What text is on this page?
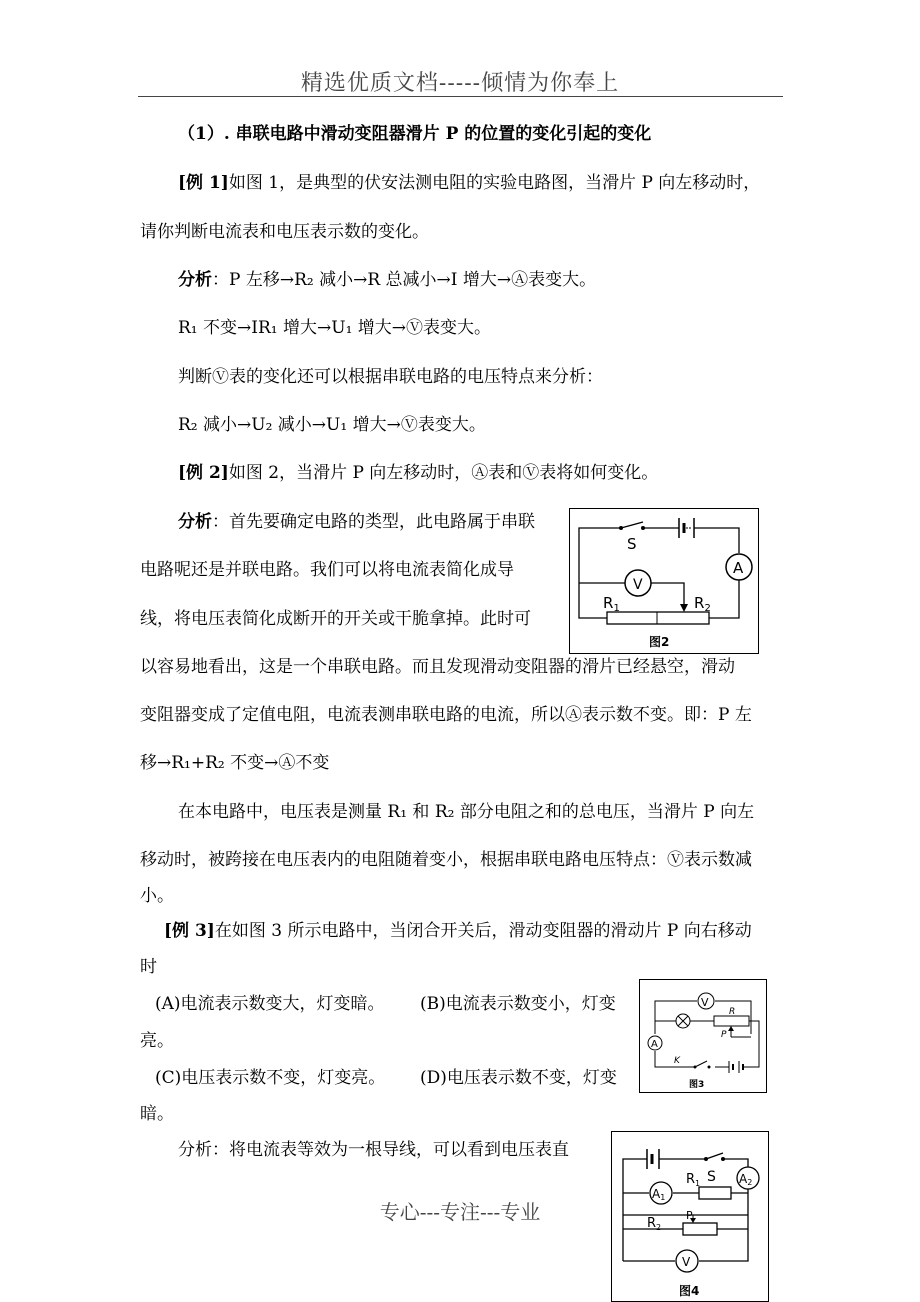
精选优质文档-----倾情为你奉上
（1）. 串联电路中滑动变阻器滑片 P 的位置的变化引起的变化
[例 1]如图 1，是典型的伏安法测电阻的实验电路图，当滑片 P 向左移动时，
请你判断电流表和电压表示数的变化。
分析：P 左移→R₂ 减小→R 总减小→I 增大→Ⓐ表变大。
R₁ 不变→IR₁ 增大→U₁ 增大→Ⓥ表变大。
判断Ⓥ表的变化还可以根据串联电路的电压特点来分析：
R₂ 减小→U₂ 减小→U₁ 增大→Ⓥ表变大。
[例 2]如图 2，当滑片 P 向左移动时，Ⓐ表和Ⓥ表将如何变化。
分析：首先要确定电路的类型，此电路属于串联
电路呢还是并联电路。我们可以将电流表简化成导
线，将电压表简化成断开的开关或干脆拿掉。此时可
以容易地看出，这是一个串联电路。而且发现滑动变阻器的滑片已经悬空，滑动
变阻器变成了定值电阻，电流表测串联电路的电流，所以Ⓐ表示数不变。即：P 左
移→R₁+R₂ 不变→Ⓐ不变
在本电路中，电压表是测量 R₁ 和 R₂ 部分电阻之和的总电压，当滑片 P 向左
移动时，被跨接在电压表内的电阻随着变小，根据串联电路电压特点：Ⓥ表示数减
小。
[例 3]在如图 3 所示电路中，当闭合开关后，滑动变阻器的滑动片 P 向右移动
时
(A)电流表示数变大，灯变暗。 (B)电流表示数变小，灯变
亮。
(C)电压表示数不变，灯变亮。 (D)电压表示数不变，灯变
暗。
分析：将电流表等效为一根导线，可以看到电压表直
S
A
V
$R_1$	$R_2$
图2
V
R
P
A
K
图3
S A2
A1
$R_1$
$R_2$
P
V
图4
专心---专注---专业
